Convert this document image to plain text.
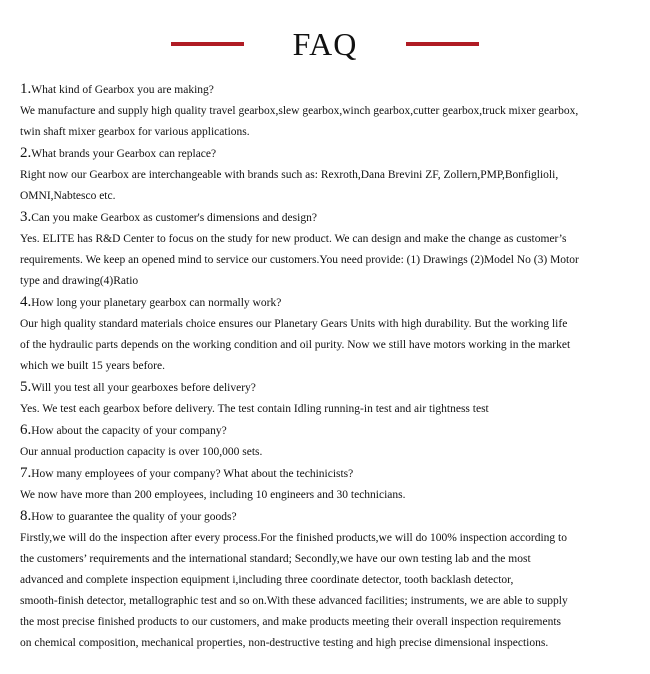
FAQ
1.What kind of Gearbox you are making?
We manufacture and supply high quality travel gearbox,slew gearbox,winch gearbox,cutter gearbox,truck mixer gearbox,
twin shaft mixer gearbox for various applications.
2.What brands your Gearbox can replace?
Right now our Gearbox are interchangeable with brands such as: Rexroth,Dana Brevini ZF, Zollern,PMP,Bonfiglioli,
OMNI,Nabtesco etc.
3.Can you make Gearbox as customer's dimensions and design?
Yes. ELITE has R&D Center to focus on the study for new product. We can design and make the change as customer’s
requirements. We keep an opened mind to service our customers.You need provide: (1) Drawings (2)Model No (3) Motor
type and drawing(4)Ratio
4.How long your planetary gearbox can normally work?
Our high quality standard materials choice ensures our Planetary Gears Units with high durability. But the working life
of the hydraulic parts depends on the working condition and oil purity. Now we still have motors working in the market
which we built 15 years before.
5.Will you test all your gearboxes before delivery?
Yes. We test each gearbox before delivery. The test contain Idling running-in test and air tightness test
6.How about the capacity of your company?
Our annual production capacity is over 100,000 sets.
7.How many employees of your company? What about the techinicists?
We now have more than 200 employees, including 10 engineers and 30 technicians.
8.How to guarantee the quality of your goods?
Firstly,we will do the inspection after every process.For the finished products,we will do 100% inspection according to
the customers’ requirements and the international standard; Secondly,we have our own testing lab and the most
advanced and complete inspection equipment i,including three coordinate detector, tooth backlash detector,
smooth-finish detector, metallographic test and so on.With these advanced facilities; instruments, we are able to supply
the most precise finished products to our customers, and make products meeting their overall inspection requirements
on chemical composition, mechanical properties, non-destructive testing and high precise dimensional inspections.
